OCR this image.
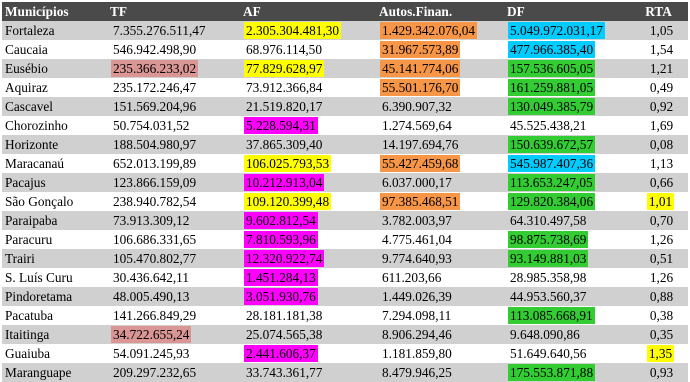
Municípios	TF	AF	Autos.Finan.	DF	RTA
Fortaleza	7.355.276.511,47	2.305.304.481,30	1.429.342.076,04	5.049.972.031,17	1,05
Caucaia	546.942.498,90	68.976.114,50	31.967.573,89	477.966.385,40	1,54
Eusébio	235.366.233,02	77.829.628,97	45.141.774,06	157.536.605,05	1,21
Aquiraz	235.172.246,47	73.912.366,84	55.501.176,70	161.259.881,05	0,49
Cascavel	151.569.204,96	21.519.820,17	6.390.907,32	130.049.385,79	0,92
Chorozinho	50.754.031,52	5.228.594,31	1.274.569,64	45.525.438,21	1,69
Horizonte	188.504.980,97	37.865.309,40	14.197.694,76	150.639.672,57	0,08
Maracanaú	652.013.199,89	106.025.793,53	55.427.459,68	545.987.407,36	1,13
Pacajus	123.866.159,09	10.212.913,04	6.037.000,17	113.653.247,05	0,66
São Gonçalo	238.940.782,54	109.120.399,48	97.385.468,51	129.820.384,06	1,01
Paraipaba	73.913.309,12	9.602.812,54	3.782.003,97	64.310.497,58	0,70
Paracuru	106.686.331,65	7.810.593,96	4.775.461,04	98.875.738,69	1,26
Trairi	105.470.802,77	12.320.922,74	9.774.640,93	93.149.881,03	0,51
S. Luís Curu	30.436.642,11	1.451.284,13	611.203,66	28.985.358,98	1,26
Pindoretama	48.005.490,13	3.051.930,76	1.449.026,39	44.953.560,37	0,88
Pacatuba	141.266.849,29	28.181.181,38	7.294.098,11	113.085.668,91	0,38
Itaitinga	34.722.655,24	25.074.565,38	8.906.294,46	9.648.090,86	0,35
Guaiuba	54.091.245,93	2.441.606,37	1.181.859,80	51.649.640,56	1,35
Maranguape	209.297.232,65	33.743.361,77	8.479.946,25	175.553.871,88	0,93
